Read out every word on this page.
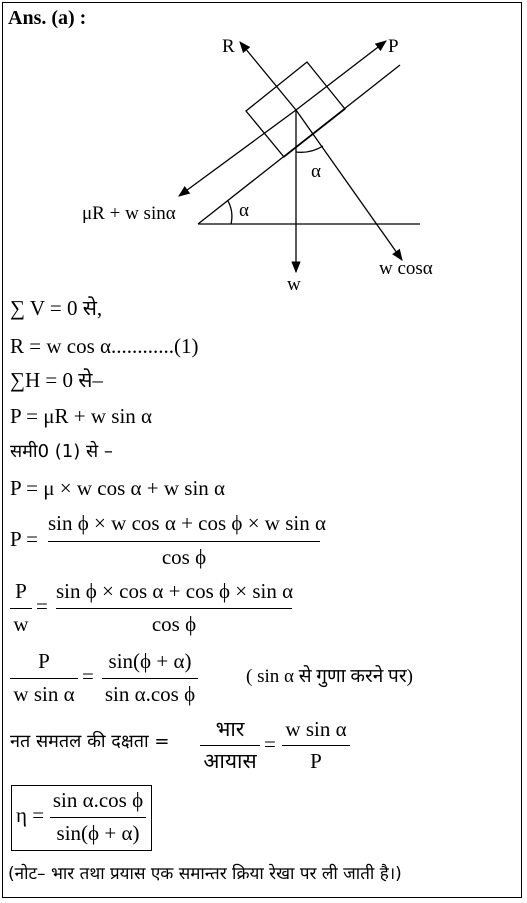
Ans. (a) :
R	P
μR + w sinα	α
α
w
w cosα
∑ V = 0 से,
R = w cos α............(1)
∑H = 0 से–
P = μR + w sin α
समी0 (1) से –
P = μ × w cos α + w sin α
P =
sin ϕ × w cos α + cos ϕ × w sin α
cos ϕ
P
w
=
sin ϕ × cos α + cos ϕ × sin α
cos ϕ
P
w sin α
=
sin(ϕ + α)
sin α.cos ϕ
( sin α से गुणा करने पर)
नत समतल की दक्षता =
भार
आयास
=
w sin α
P
η =
sin α.cos ϕ
sin(ϕ + α)
(नोट– भार तथा प्रयास एक समान्तर क्रिया रेखा पर ली जाती है।)
